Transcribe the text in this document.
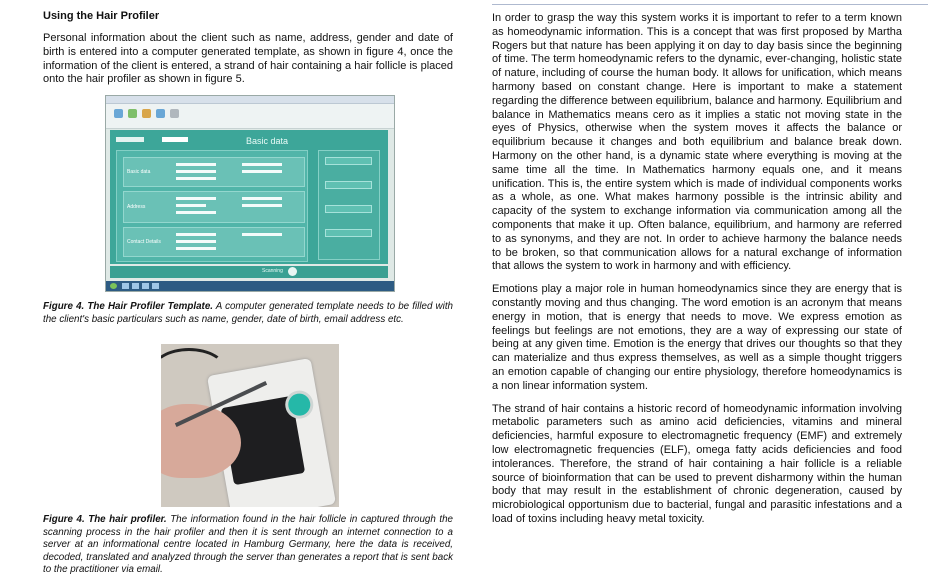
Using the Hair Profiler

Personal information about the client such as name, address, gender and date of birth is entered into a computer generated template, as shown in figure 4, once the information of the client is entered, a strand of hair containing a hair follicle is placed onto the hair profiler as shown in figure 5.

Basic data
Basic data
Address
Contact Details
Scanning

Figure 4. The Hair Profiler Template. A computer generated template needs to be filled with the client's basic particulars such as name, gender, date of birth, email address etc.

Figure 4. The hair profiler. The information found in the hair follicle in captured through the scanning process in the hair profiler and then it is sent through an internet connection to a server at an informational centre located in Hamburg Germany, here the data is received, decoded, translated and analyzed through the server than generates a report that is sent back to the practitioner via email.

In order to grasp the way this system works it is important to refer to a term known as homeodynamic information. This is a concept that was first proposed by Martha Rogers but that nature has been applying it on day to day basis since the beginning of time. The term homeodynamic refers to the dynamic, ever-changing, holistic state of nature, including of course the human body. It allows for unification, which means harmony based on constant change. Here is important to make a statement regarding the difference between equilibrium, balance and harmony. Equilibrium and balance in Mathematics means cero as it implies a static not moving state in the eyes of Physics, otherwise when the system moves it affects the balance or equilibrium because it changes and both equilibrium and balance break down. Harmony on the other hand, is a dynamic state where everything is moving at the same time all the time. In Mathematics harmony equals one, and it means unification. This is, the entire system which is made of individual components works as a whole, as one. What makes harmony possible is the intrinsic ability and capacity of the system to exchange information via communication among all the components that make it up. Often balance, equilibrium, and harmony are referred to as synonyms, and they are not. In order to achieve harmony the balance needs to be broken, so that communication allows for a natural exchange of information that allows the system to work in harmony and with efficiency.

Emotions play a major role in human homeodynamics since they are energy that is constantly moving and thus changing. The word emotion is an acronym that means energy in motion, that is energy that needs to move. We express emotion as feelings but feelings are not emotions, they are a way of expressing our state of being at any given time. Emotion is the energy that drives our thoughts so that they can materialize and thus express themselves, as well as a simple thought triggers an emotion capable of changing our entire physiology, therefore homeodynamics is a non linear information system.

The strand of hair contains a historic record of homeodynamic information involving metabolic parameters such as amino acid deficiencies, vitamins and mineral deficiencies, harmful exposure to electromagnetic frequency (EMF) and extremely low electromagnetic frequencies (ELF), omega fatty acids deficiencies and food intolerances. Therefore, the strand of hair containing a hair follicle is a reliable source of bioinformation that can be used to prevent disharmony within the human body that may result in the establishment of chronic degeneration, caused by microbiological opportunism due to bacterial, fungal and parasitic infestations and a load of toxins including heavy metal toxicity.
